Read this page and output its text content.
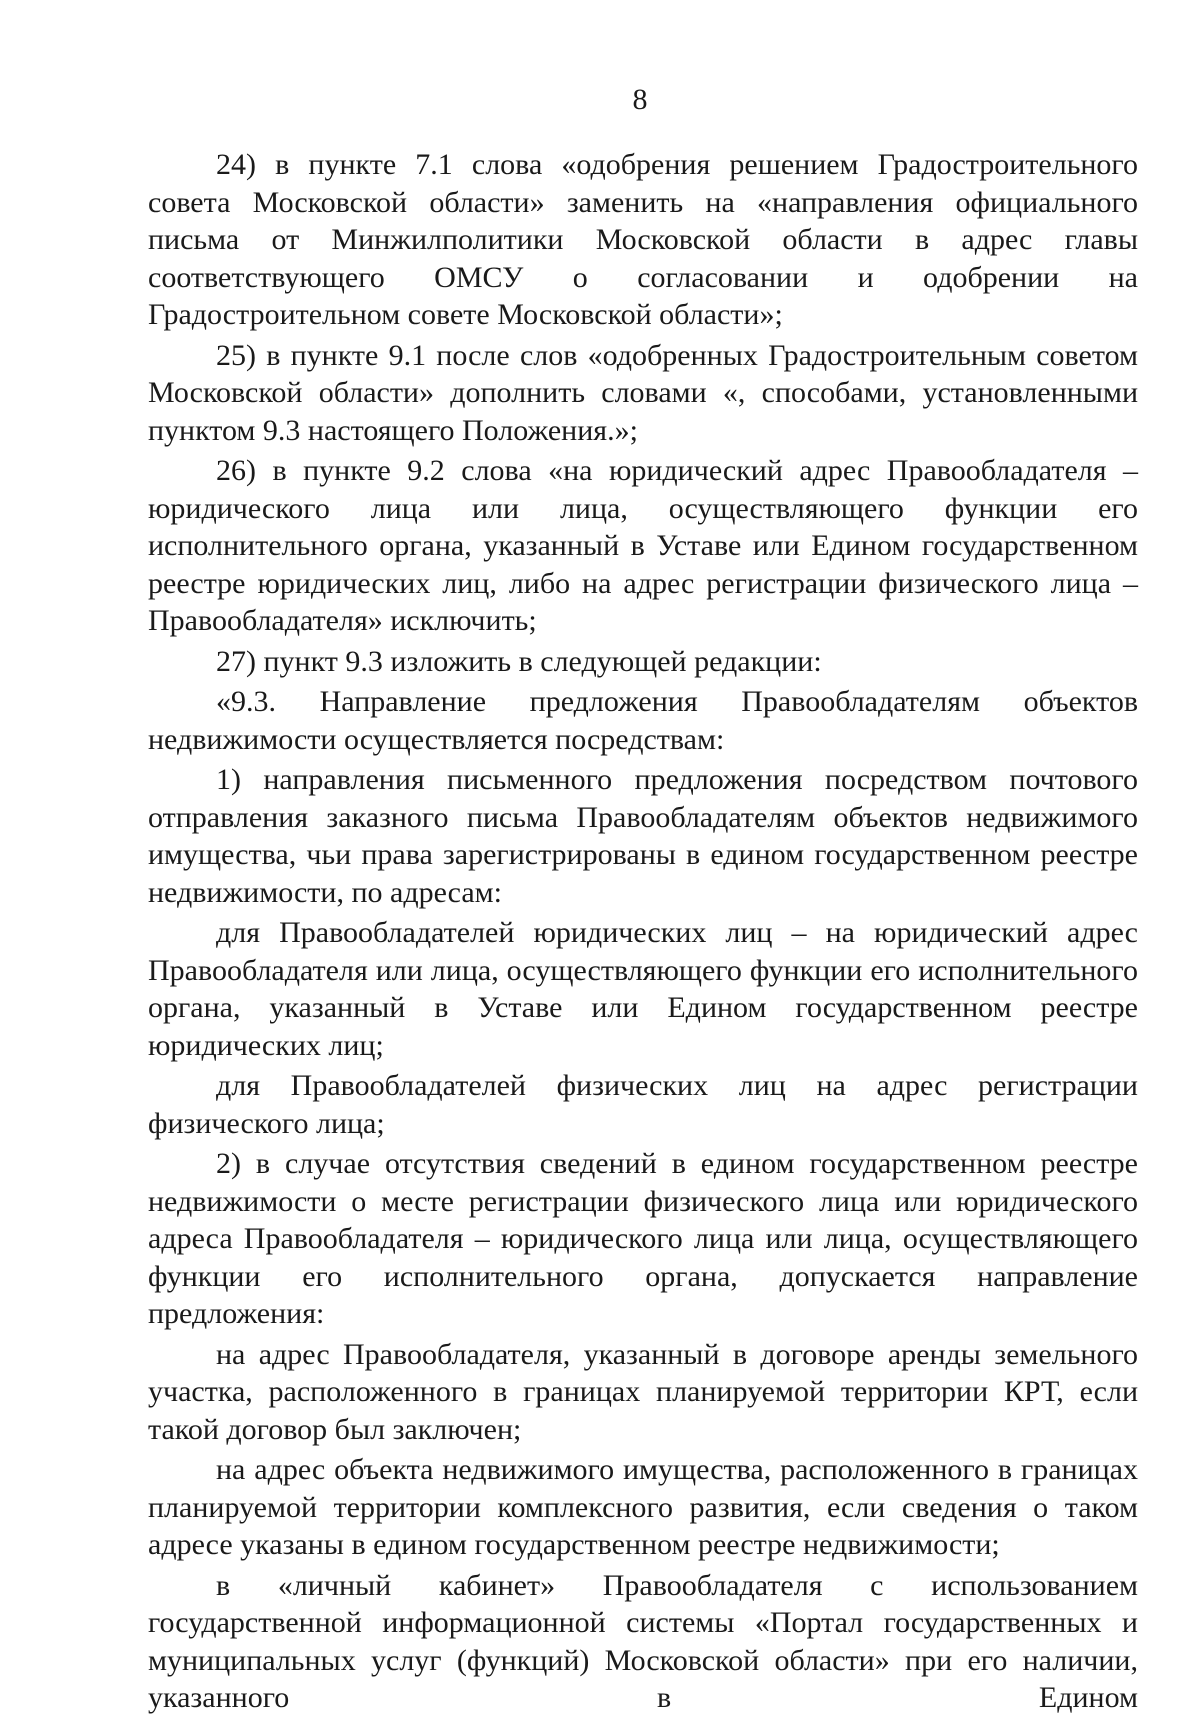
8

24) в пункте 7.1 слова «одобрения решением Градостроительного совета Московской области» заменить на «направления официального письма от Минжилполитики Московской области в адрес главы соответствующего ОМСУ о согласовании и одобрении на Градостроительном совете Московской области»;

25) в пункте 9.1 после слов «одобренных Градостроительным советом Московской области» дополнить словами «, способами, установленными пунктом 9.3 настоящего Положения.»;

26) в пункте 9.2 слова «на юридический адрес Правообладателя – юридического лица или лица, осуществляющего функции его исполнительного органа, указанный в Уставе или Едином государственном реестре юридических лиц, либо на адрес регистрации физического лица – Правообладателя» исключить;

27) пункт 9.3 изложить в следующей редакции:

«9.3. Направление предложения Правообладателям объектов недвижимости осуществляется посредствам:

1) направления письменного предложения посредством почтового отправления заказного письма Правообладателям объектов недвижимого имущества, чьи права зарегистрированы в едином государственном реестре недвижимости, по адресам:

для Правообладателей юридических лиц – на юридический адрес Правообладателя или лица, осуществляющего функции его исполнительного органа, указанный в Уставе или Едином государственном реестре юридических лиц;

для Правообладателей физических лиц на адрес регистрации физического лица;

2) в случае отсутствия сведений в едином государственном реестре недвижимости о месте регистрации физического лица или юридического адреса Правообладателя – юридического лица или лица, осуществляющего функции его исполнительного органа, допускается направление предложения:

на адрес Правообладателя, указанный в договоре аренды земельного участка, расположенного в границах планируемой территории КРТ, если такой договор был заключен;

на адрес объекта недвижимого имущества, расположенного в границах планируемой территории комплексного развития, если сведения о таком адресе указаны в едином государственном реестре недвижимости;

в «личный кабинет» Правообладателя с использованием государственной информационной системы «Портал государственных и муниципальных услуг (функций) Московской области» при его наличии, указанного в Едином
